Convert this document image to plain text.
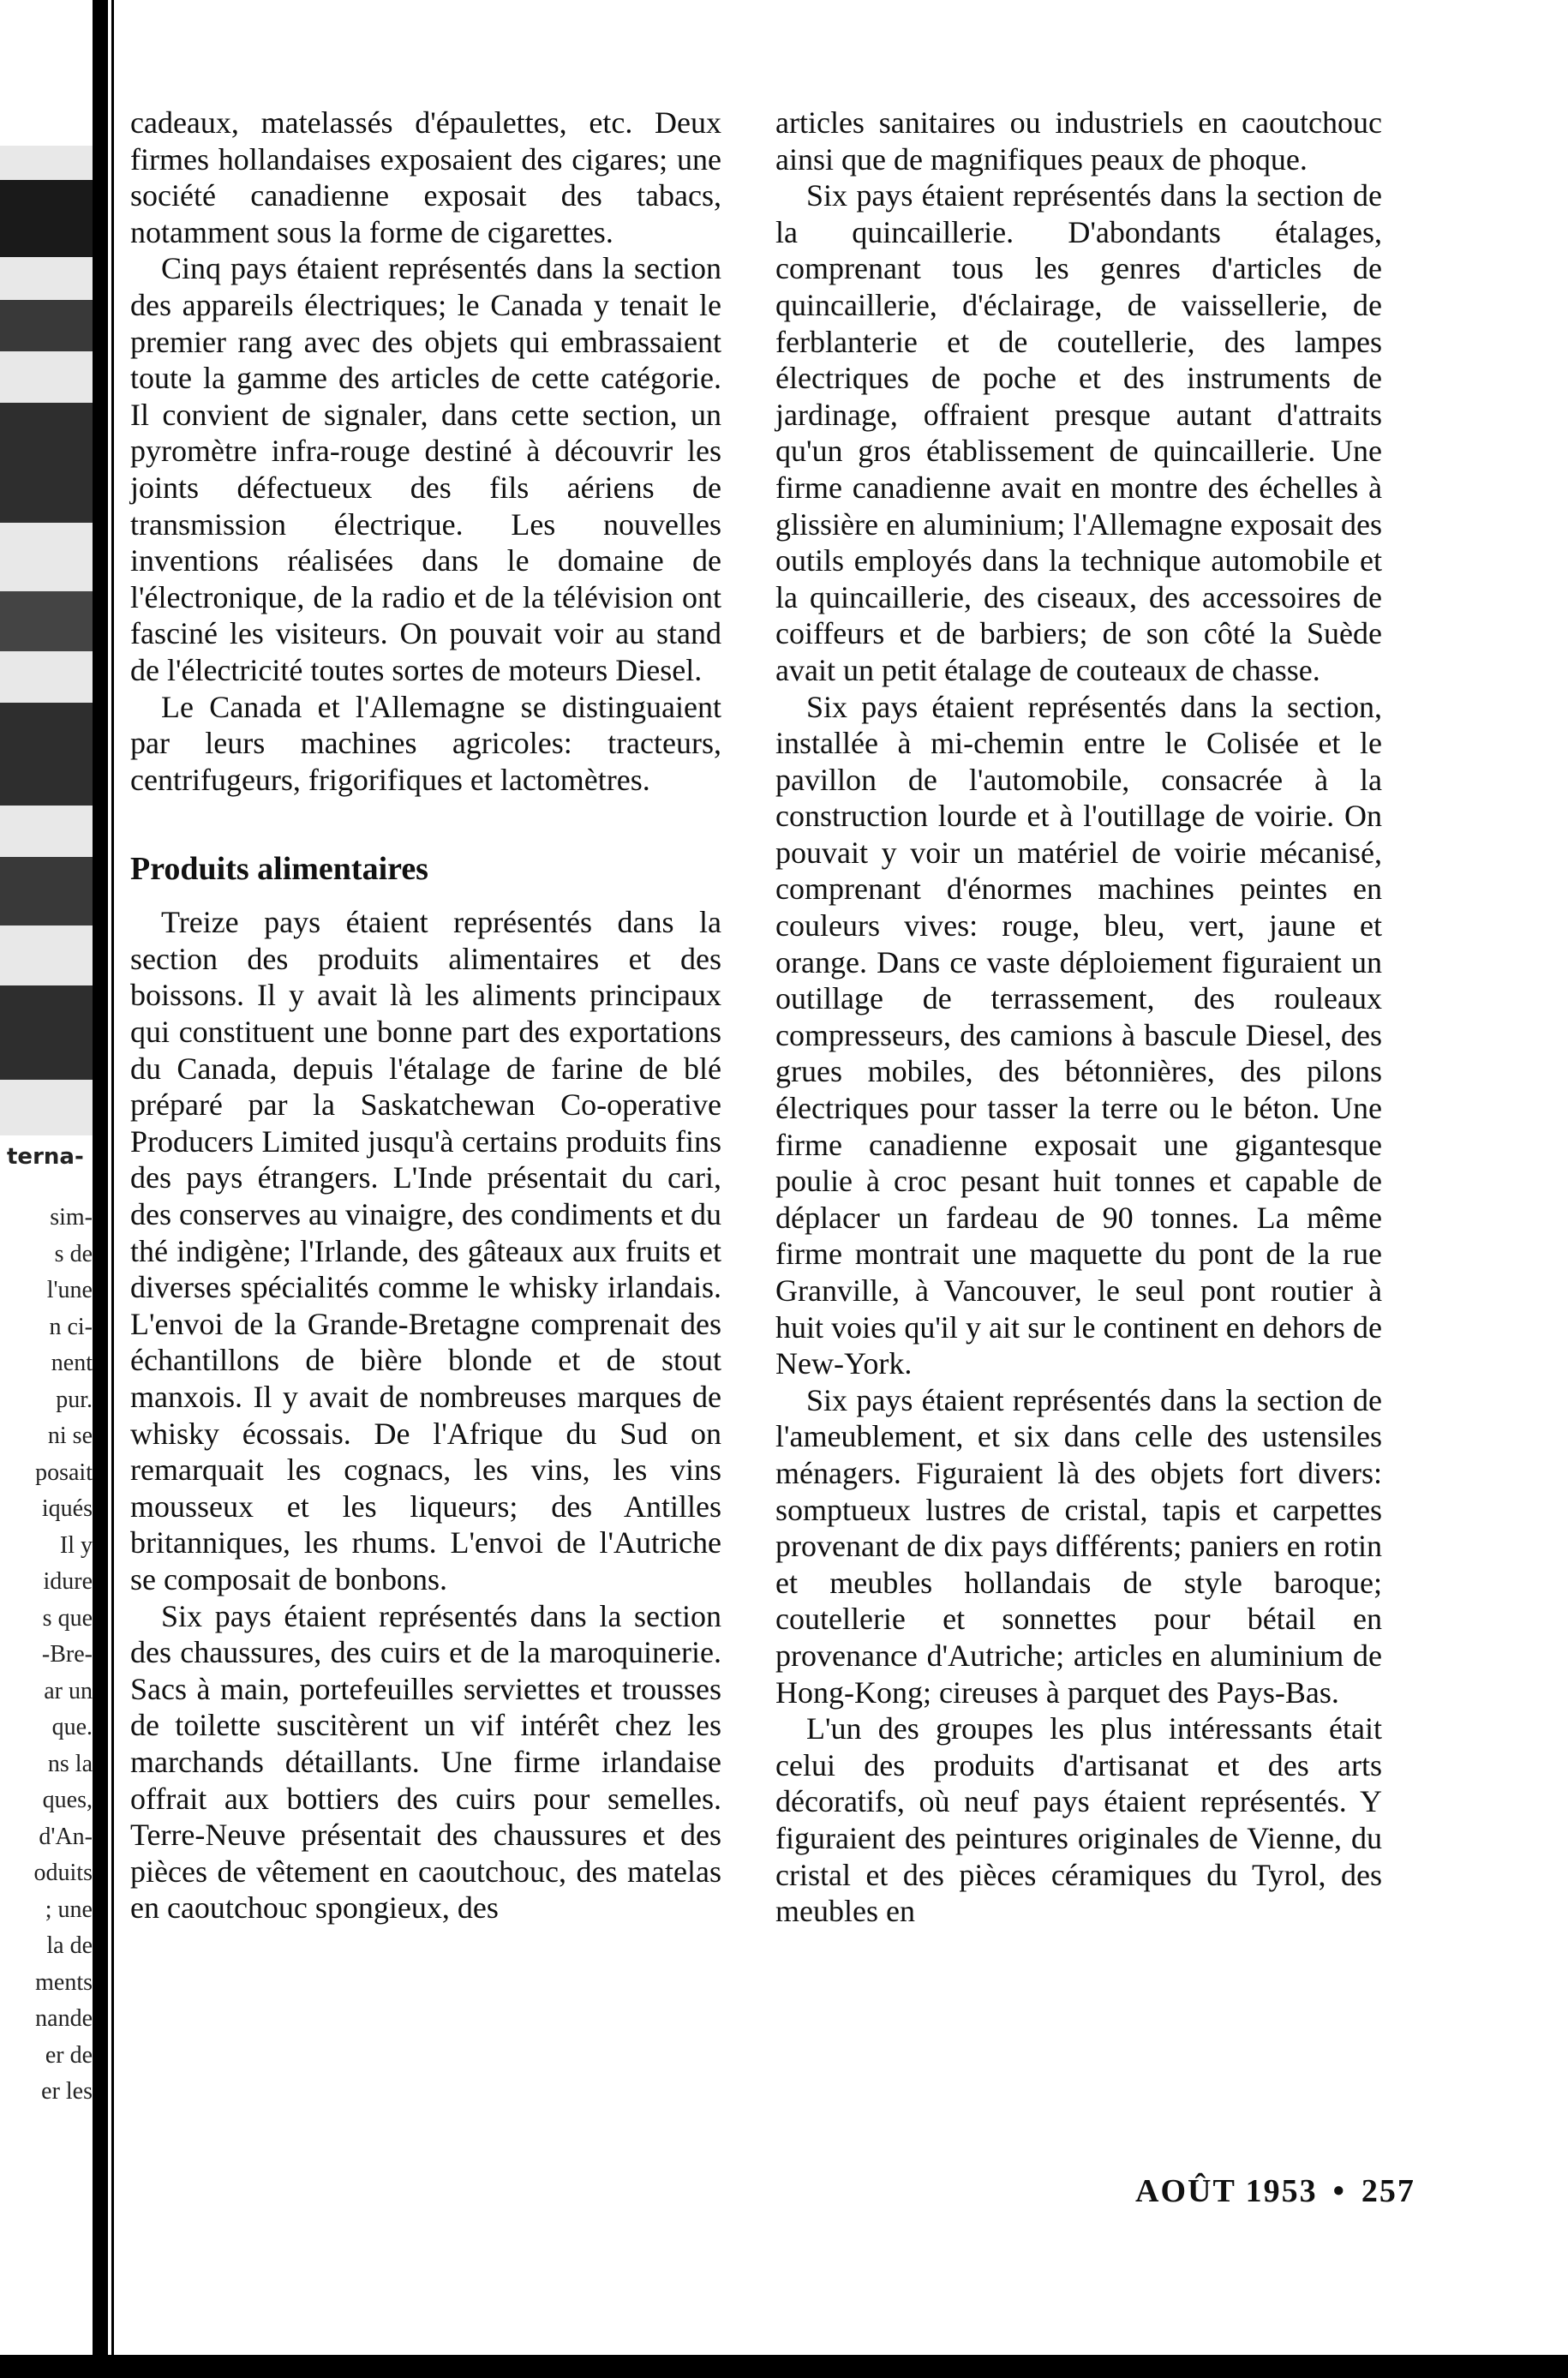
terna-
sim-
s de
l'une
n ci-
nent
pur.
ni se
posait
iqués
Il y
idure
s que
-Bre-
ar un
que.
ns la
ques,
d'An-
oduits
; une
la de
ments
nande
er de
er les

cadeaux, matelassés d'épaulettes, etc. Deux firmes hollandaises exposaient des cigares; une société canadienne exposait des tabacs, notamment sous la forme de cigarettes.

Cinq pays étaient représentés dans la section des appareils électriques; le Canada y tenait le premier rang avec des objets qui embrassaient toute la gamme des articles de cette catégorie. Il convient de signaler, dans cette section, un pyromètre infra-rouge destiné à découvrir les joints défectueux des fils aériens de transmission électrique. Les nouvelles inventions réalisées dans le domaine de l'électronique, de la radio et de la télévision ont fasciné les visiteurs. On pouvait voir au stand de l'électricité toutes sortes de moteurs Diesel.

Le Canada et l'Allemagne se distinguaient par leurs machines agricoles: tracteurs, centrifugeurs, frigorifiques et lactomètres.

Produits alimentaires

Treize pays étaient représentés dans la section des produits alimentaires et des boissons. Il y avait là les aliments principaux qui constituent une bonne part des exportations du Canada, depuis l'étalage de farine de blé préparé par la Saskatchewan Co-operative Producers Limited jusqu'à certains produits fins des pays étrangers. L'Inde présentait du cari, des conserves au vinaigre, des condiments et du thé indigène; l'Irlande, des gâteaux aux fruits et diverses spécialités comme le whisky irlandais. L'envoi de la Grande-Bretagne comprenait des échantillons de bière blonde et de stout manxois. Il y avait de nombreuses marques de whisky écossais. De l'Afrique du Sud on remarquait les cognacs, les vins, les vins mousseux et les liqueurs; des Antilles britanniques, les rhums. L'envoi de l'Autriche se composait de bonbons.

Six pays étaient représentés dans la section des chaussures, des cuirs et de la maroquinerie. Sacs à main, portefeuilles serviettes et trousses de toilette suscitèrent un vif intérêt chez les marchands détaillants. Une firme irlandaise offrait aux bottiers des cuirs pour semelles. Terre-Neuve présentait des chaussures et des pièces de vêtement en caoutchouc, des matelas en caoutchouc spongieux, des

articles sanitaires ou industriels en caoutchouc ainsi que de magnifiques peaux de phoque.

Six pays étaient représentés dans la section de la quincaillerie. D'abondants étalages, comprenant tous les genres d'articles de quincaillerie, d'éclairage, de vaissellerie, de ferblanterie et de coutellerie, des lampes électriques de poche et des instruments de jardinage, offraient presque autant d'attraits qu'un gros établissement de quincaillerie. Une firme canadienne avait en montre des échelles à glissière en aluminium; l'Allemagne exposait des outils employés dans la technique automobile et la quincaillerie, des ciseaux, des accessoires de coiffeurs et de barbiers; de son côté la Suède avait un petit étalage de couteaux de chasse.

Six pays étaient représentés dans la section, installée à mi-chemin entre le Colisée et le pavillon de l'automobile, consacrée à la construction lourde et à l'outillage de voirie. On pouvait y voir un matériel de voirie mécanisé, comprenant d'énormes machines peintes en couleurs vives: rouge, bleu, vert, jaune et orange. Dans ce vaste déploiement figuraient un outillage de terrassement, des rouleaux compresseurs, des camions à bascule Diesel, des grues mobiles, des bétonnières, des pilons électriques pour tasser la terre ou le béton. Une firme canadienne exposait une gigantesque poulie à croc pesant huit tonnes et capable de déplacer un fardeau de 90 tonnes. La même firme montrait une maquette du pont de la rue Granville, à Vancouver, le seul pont routier à huit voies qu'il y ait sur le continent en dehors de New-York.

Six pays étaient représentés dans la section de l'ameublement, et six dans celle des ustensiles ménagers. Figuraient là des objets fort divers: somptueux lustres de cristal, tapis et carpettes provenant de dix pays différents; paniers en rotin et meubles hollandais de style baroque; coutellerie et sonnettes pour bétail en provenance d'Autriche; articles en aluminium de Hong-Kong; cireuses à parquet des Pays-Bas.

L'un des groupes les plus intéressants était celui des produits d'artisanat et des arts décoratifs, où neuf pays étaient représentés. Y figuraient des peintures originales de Vienne, du cristal et des pièces céramiques du Tyrol, des meubles en

AOÛT 1953 • 257
